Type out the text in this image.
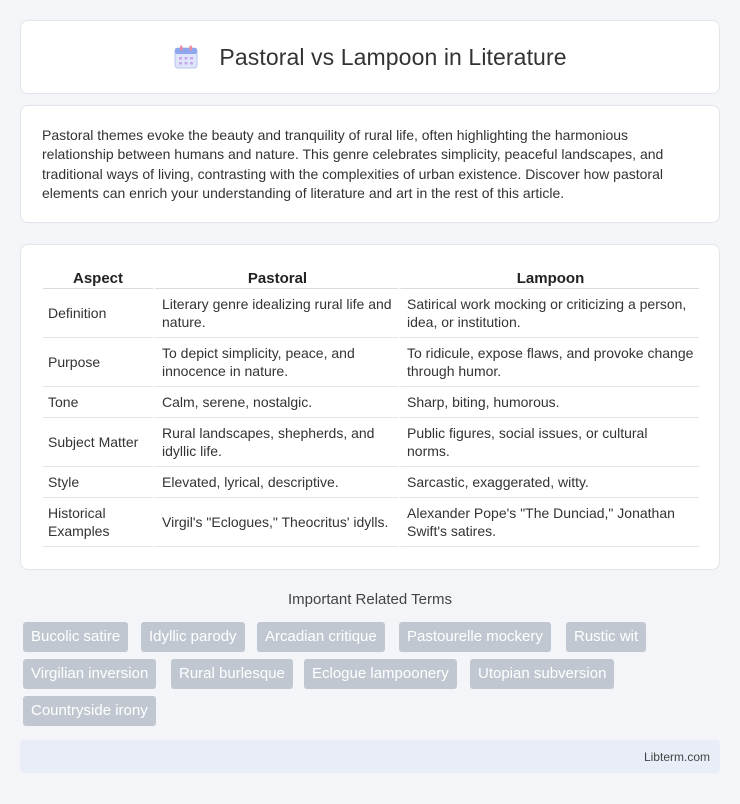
Pastoral vs Lampoon in Literature

Pastoral themes evoke the beauty and tranquility of rural life, often highlighting the harmonious relationship between humans and nature. This genre celebrates simplicity, peaceful landscapes, and traditional ways of living, contrasting with the complexities of urban existence. Discover how pastoral elements can enrich your understanding of literature and art in the rest of this article.

Aspect	Pastoral	Lampoon
Definition	Literary genre idealizing rural life and nature.	Satirical work mocking or criticizing a person, idea, or institution.
Purpose	To depict simplicity, peace, and innocence in nature.	To ridicule, expose flaws, and provoke change through humor.
Tone	Calm, serene, nostalgic.	Sharp, biting, humorous.
Subject Matter	Rural landscapes, shepherds, and idyllic life.	Public figures, social issues, or cultural norms.
Style	Elevated, lyrical, descriptive.	Sarcastic, exaggerated, witty.
Historical Examples	Virgil's "Eclogues," Theocritus' idylls.	Alexander Pope's "The Dunciad," Jonathan Swift's satires.
Important Related Terms
Bucolic satire	Idyllic parody	Arcadian critique	Pastourelle mockery	Rustic wit
Virgilian inversion	Rural burlesque	Eclogue lampoonery	Utopian subversion
Countryside irony
Libterm.com
